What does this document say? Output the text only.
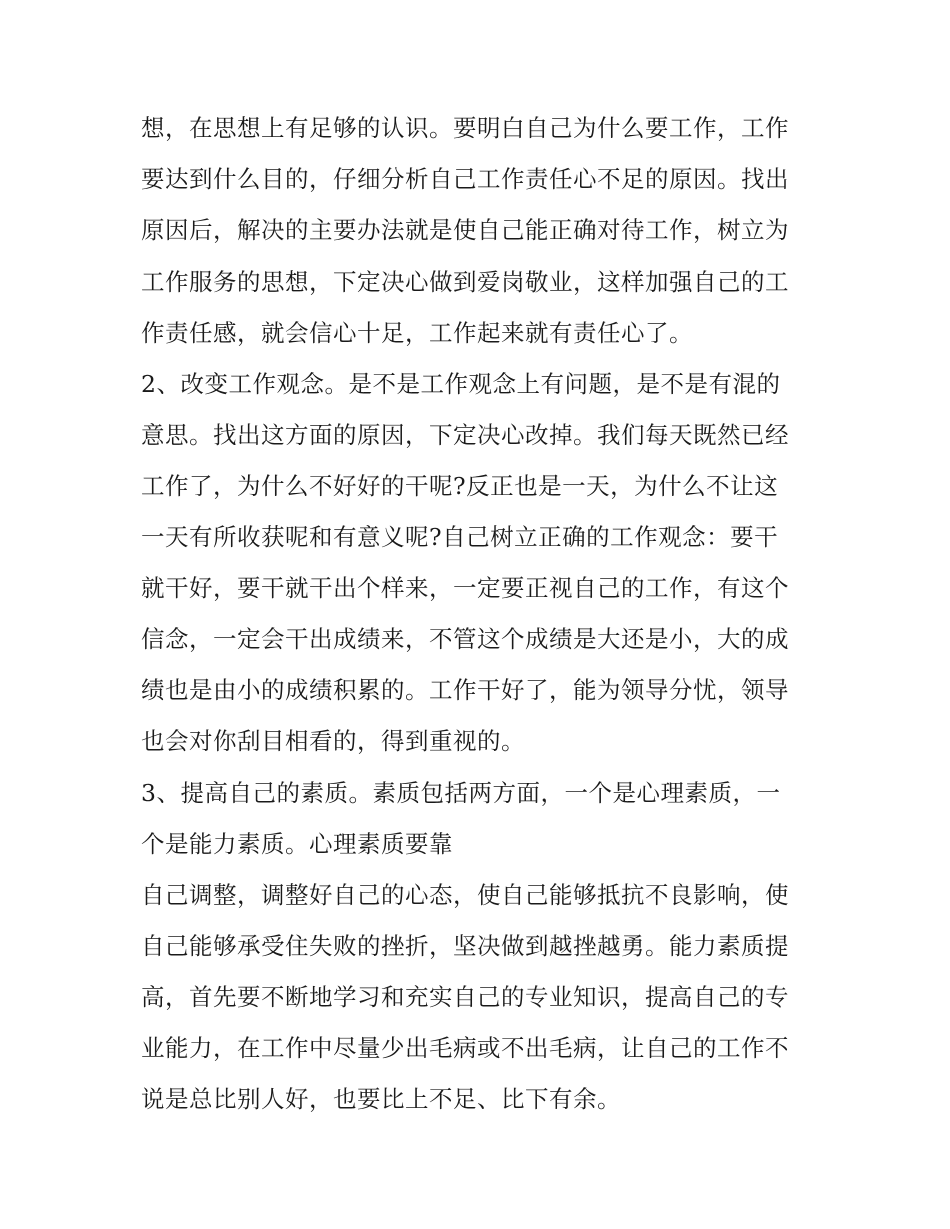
想，在思想上有足够的认识。要明白自己为什么要工作，工作
要达到什么目的，仔细分析自己工作责任心不足的原因。找出
原因后，解决的主要办法就是使自己能正确对待工作，树立为
工作服务的思想，下定决心做到爱岗敬业，这样加强自己的工
作责任感，就会信心十足，工作起来就有责任心了。
2、改变工作观念。是不是工作观念上有问题，是不是有混的
意思。找出这方面的原因，下定决心改掉。我们每天既然已经
工作了，为什么不好好的干呢?反正也是一天，为什么不让这
一天有所收获呢和有意义呢?自己树立正确的工作观念：要干
就干好，要干就干出个样来，一定要正视自己的工作，有这个
信念，一定会干出成绩来，不管这个成绩是大还是小，大的成
绩也是由小的成绩积累的。工作干好了，能为领导分忧，领导
也会对你刮目相看的，得到重视的。
3、提高自己的素质。素质包括两方面，一个是心理素质，一
个是能力素质。心理素质要靠
自己调整，调整好自己的心态，使自己能够抵抗不良影响，使
自己能够承受住失败的挫折，坚决做到越挫越勇。能力素质提
高，首先要不断地学习和充实自己的专业知识，提高自己的专
业能力，在工作中尽量少出毛病或不出毛病，让自己的工作不
说是总比别人好，也要比上不足、比下有余。
